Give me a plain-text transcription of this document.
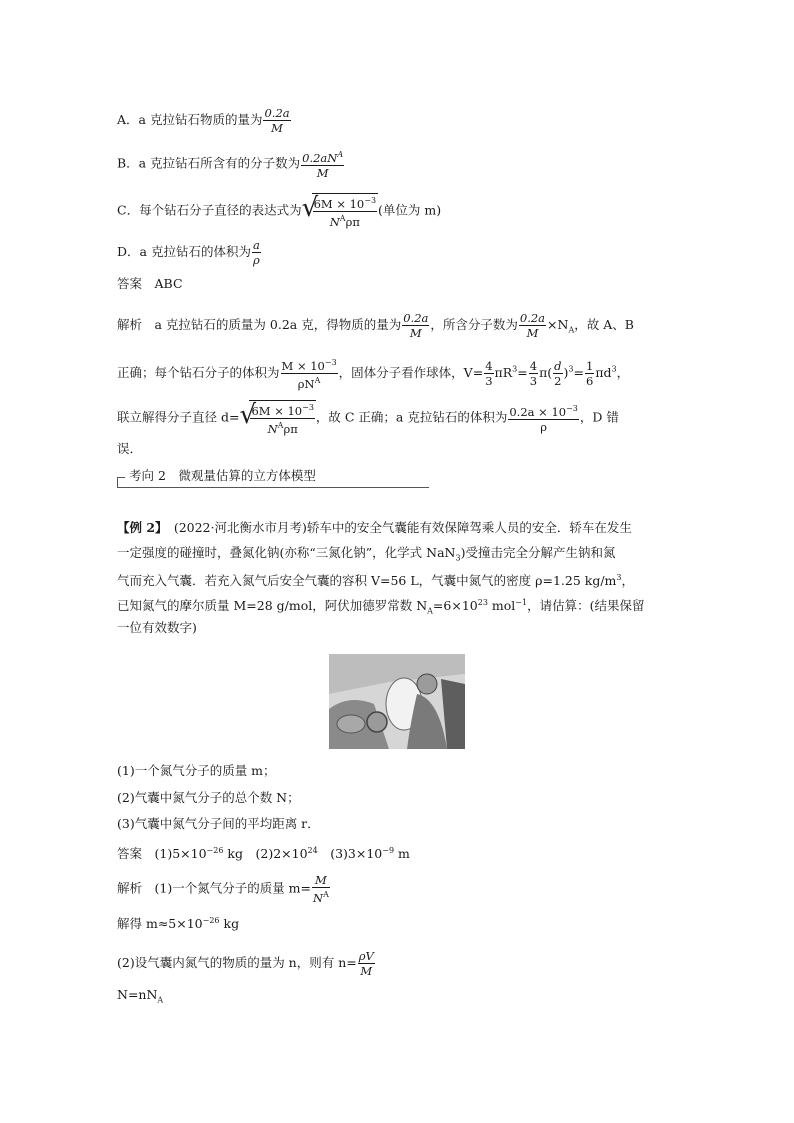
A．a 克拉钻石物质的量为 $\frac{0.2a}{M}$
B．a 克拉钻石所含有的分子数为 $\frac{0.2aN^A}{M}$
C．每个钻石分子直径的表达式为 √
$\frac{6M \times 10^{-3}}{N^A\rho\pi}$ (单位为 m)
D．a 克拉钻石的体积为 $\frac{a}{\rho}$
答案　ABC
解析　a 克拉钻石的质量为 0.2a 克，得物质的量为 $\frac{0.2a}{M}$ ，所含分子数为 $\frac{0.2a}{M} \times N_A$，故 A、B
正确；每个钻石分子的体积为 $\frac{M \times 10^{-3}}{\rho N^A}$ ，固体分子看作球体，$V= \frac{4}{3} \pi R^3= \frac{4}{3} \pi( \frac{d}{2} )^3= \frac{1}{6} \pi d^3$，
联立解得分子直径 d= √
$\frac{6M \times 10^{-3}}{N^A\rho\pi}$ ，故 C 正确；a 克拉钻石的体积为 $\frac{0.2a \times 10^{-3}}{\rho}$ ，D 错
误．
考向 2　微观量估算的立方体模型
【例 2】　(2022·河北衡水市月考)轿车中的安全气囊能有效保障驾乘人员的安全．轿车在发生
一定强度的碰撞时，叠氮化钠(亦称“三氮化钠”，化学式 NaN$_3$)受撞击完全分解产生钠和氮
气而充入气囊．若充入氮气后安全气囊的容积 V=56 L，气囊中氮气的密度 ρ=1.25 $kg/m^3$，
已知氮气的摩尔质量 M=28 g/mol，阿伏加德罗常数 $N_A=6\times 10^{23}$ mol$^{-1}$，请估算：(结果保留
一位有效数字)
(1)一个氮气分子的质量 m；
(2)气囊中氮气分子的总个数 N；
(3)气囊中氮气分子间的平均距离 r．
答案　$(1)5\times 10^{-26}$ kg　$(2)2\times 10^{24}$　$(3)3\times 10^{-9}$ m
解析　(1)一个氮气分子的质量 $m= \frac{M}{N^A}$
解得 $m\approx 5\times 10^{-26}$ kg
(2)设气囊内氮气的物质的量为 n，则有 $n= \frac{\rho V}{M}$
$N=nN_A$
